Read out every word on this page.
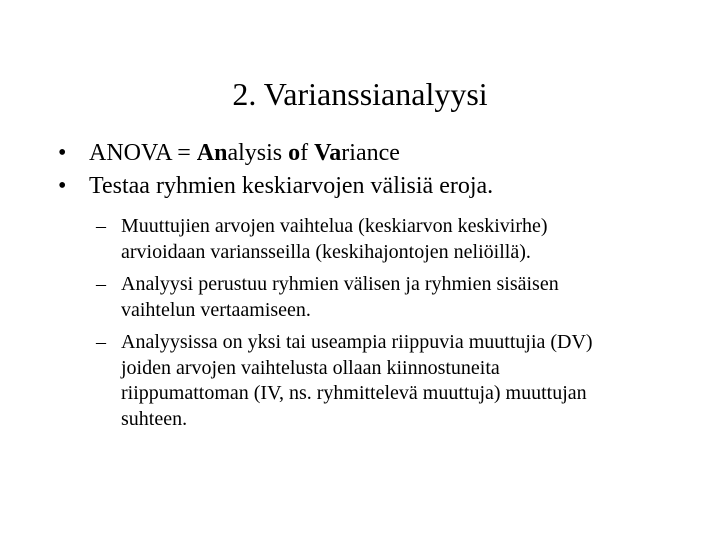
2. Varianssianalyysi
• ANOVA = Analysis of Variance
• Testaa ryhmien keskiarvojen välisiä eroja.
– Muuttujien arvojen vaihtelua (keskiarvon keskivirhe)
arvioidaan variansseilla (keskihajontojen neliöillä).
– Analyysi perustuu ryhmien välisen ja ryhmien sisäisen
vaihtelun vertaamiseen.
– Analyysissa on yksi tai useampia riippuvia muuttujia (DV)
joiden arvojen vaihtelusta ollaan kiinnostuneita
riippumattoman (IV, ns. ryhmittelevä muuttuja) muuttujan
suhteen.
